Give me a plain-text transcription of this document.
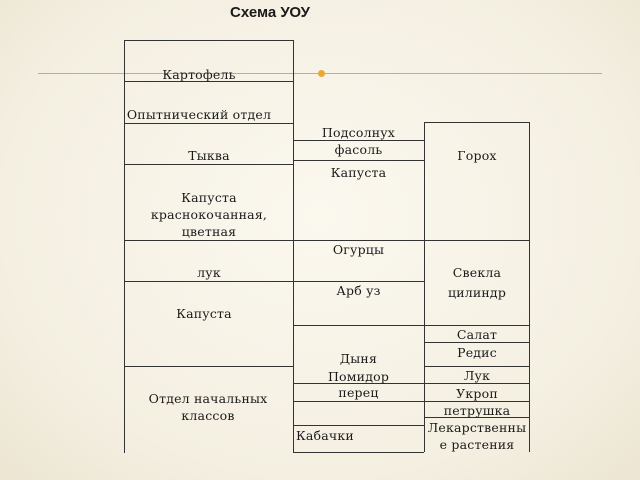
Схема УОУ
Картофель
Опытнический отдел
Тыква
Капуста
краснокочанная,
цветная
лук
Капуста
Отдел начальных
классов
Подсолнух
фасоль
Капуста
Огурцы
Арб уз
Дыня
Помидор
перец
Кабачки
Горох
Свекла
цилиндр
Салат
Редис
Лук
Укроп
петрушка
Лекарственны
е растения
